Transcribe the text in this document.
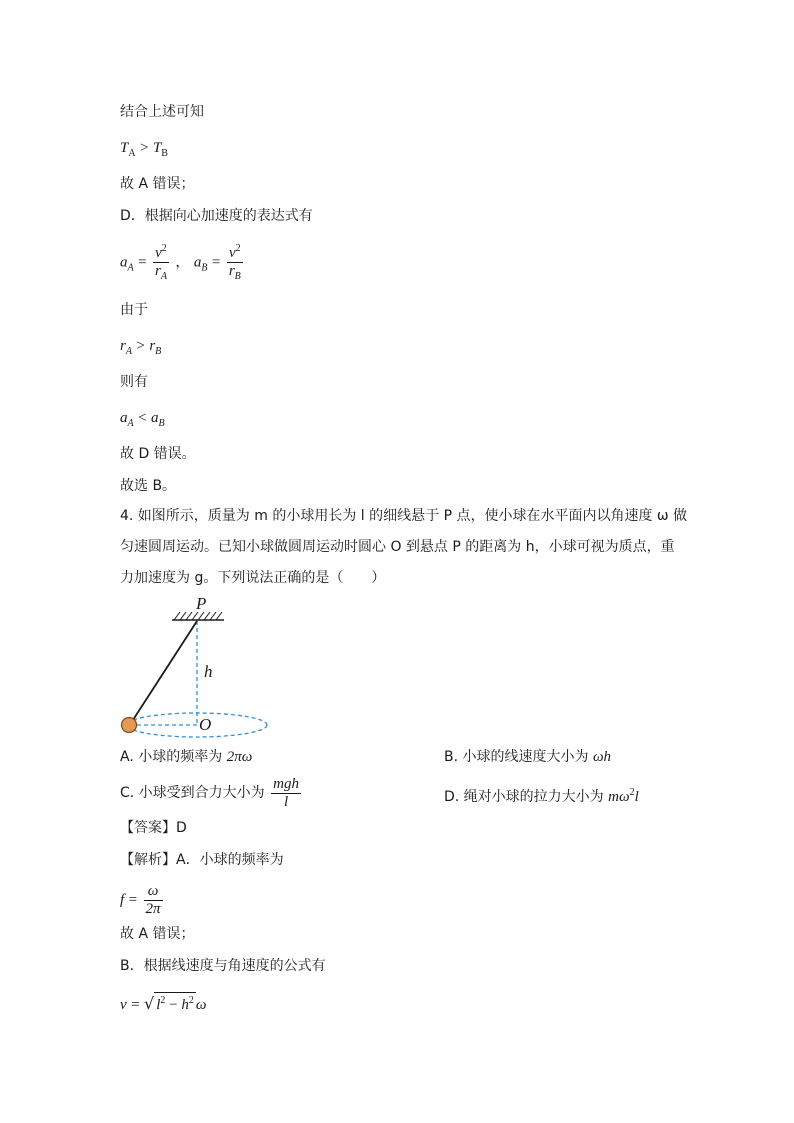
结合上述可知
$T_A > T_B$
故 A 错误；
D．根据向心加速度的表达式有
$a_A = \frac{v^2}{r_A}$ ， $a_B = \frac{v^2}{r_B}$
由于
$r_A > r_B$
则有
$a_A < a_B$
故 D 错误。
故选 B。
4. 如图所示，质量为 m 的小球用长为 l 的细线悬于 P 点，使小球在水平面内以角速度 ω 做
匀速圆周运动。已知小球做圆周运动时圆心 O 到悬点 P 的距离为 h，小球可视为质点，重
力加速度为 g。下列说法正确的是（　　）
P
h
O
A. 小球的频率为 2πω	B. 小球的线速度大小为 ωh
C. 小球受到合力大小为 $\frac{\text{mgh}}{l}$	D. 绳对小球的拉力大小为 $m\omega^2l$
【答案】D
【解析】A．小球的频率为
$f = \frac{\omega}{2\pi}$
故 A 错误；
B．根据线速度与角速度的公式有
v = √ $l^2 - h^2$ ω
